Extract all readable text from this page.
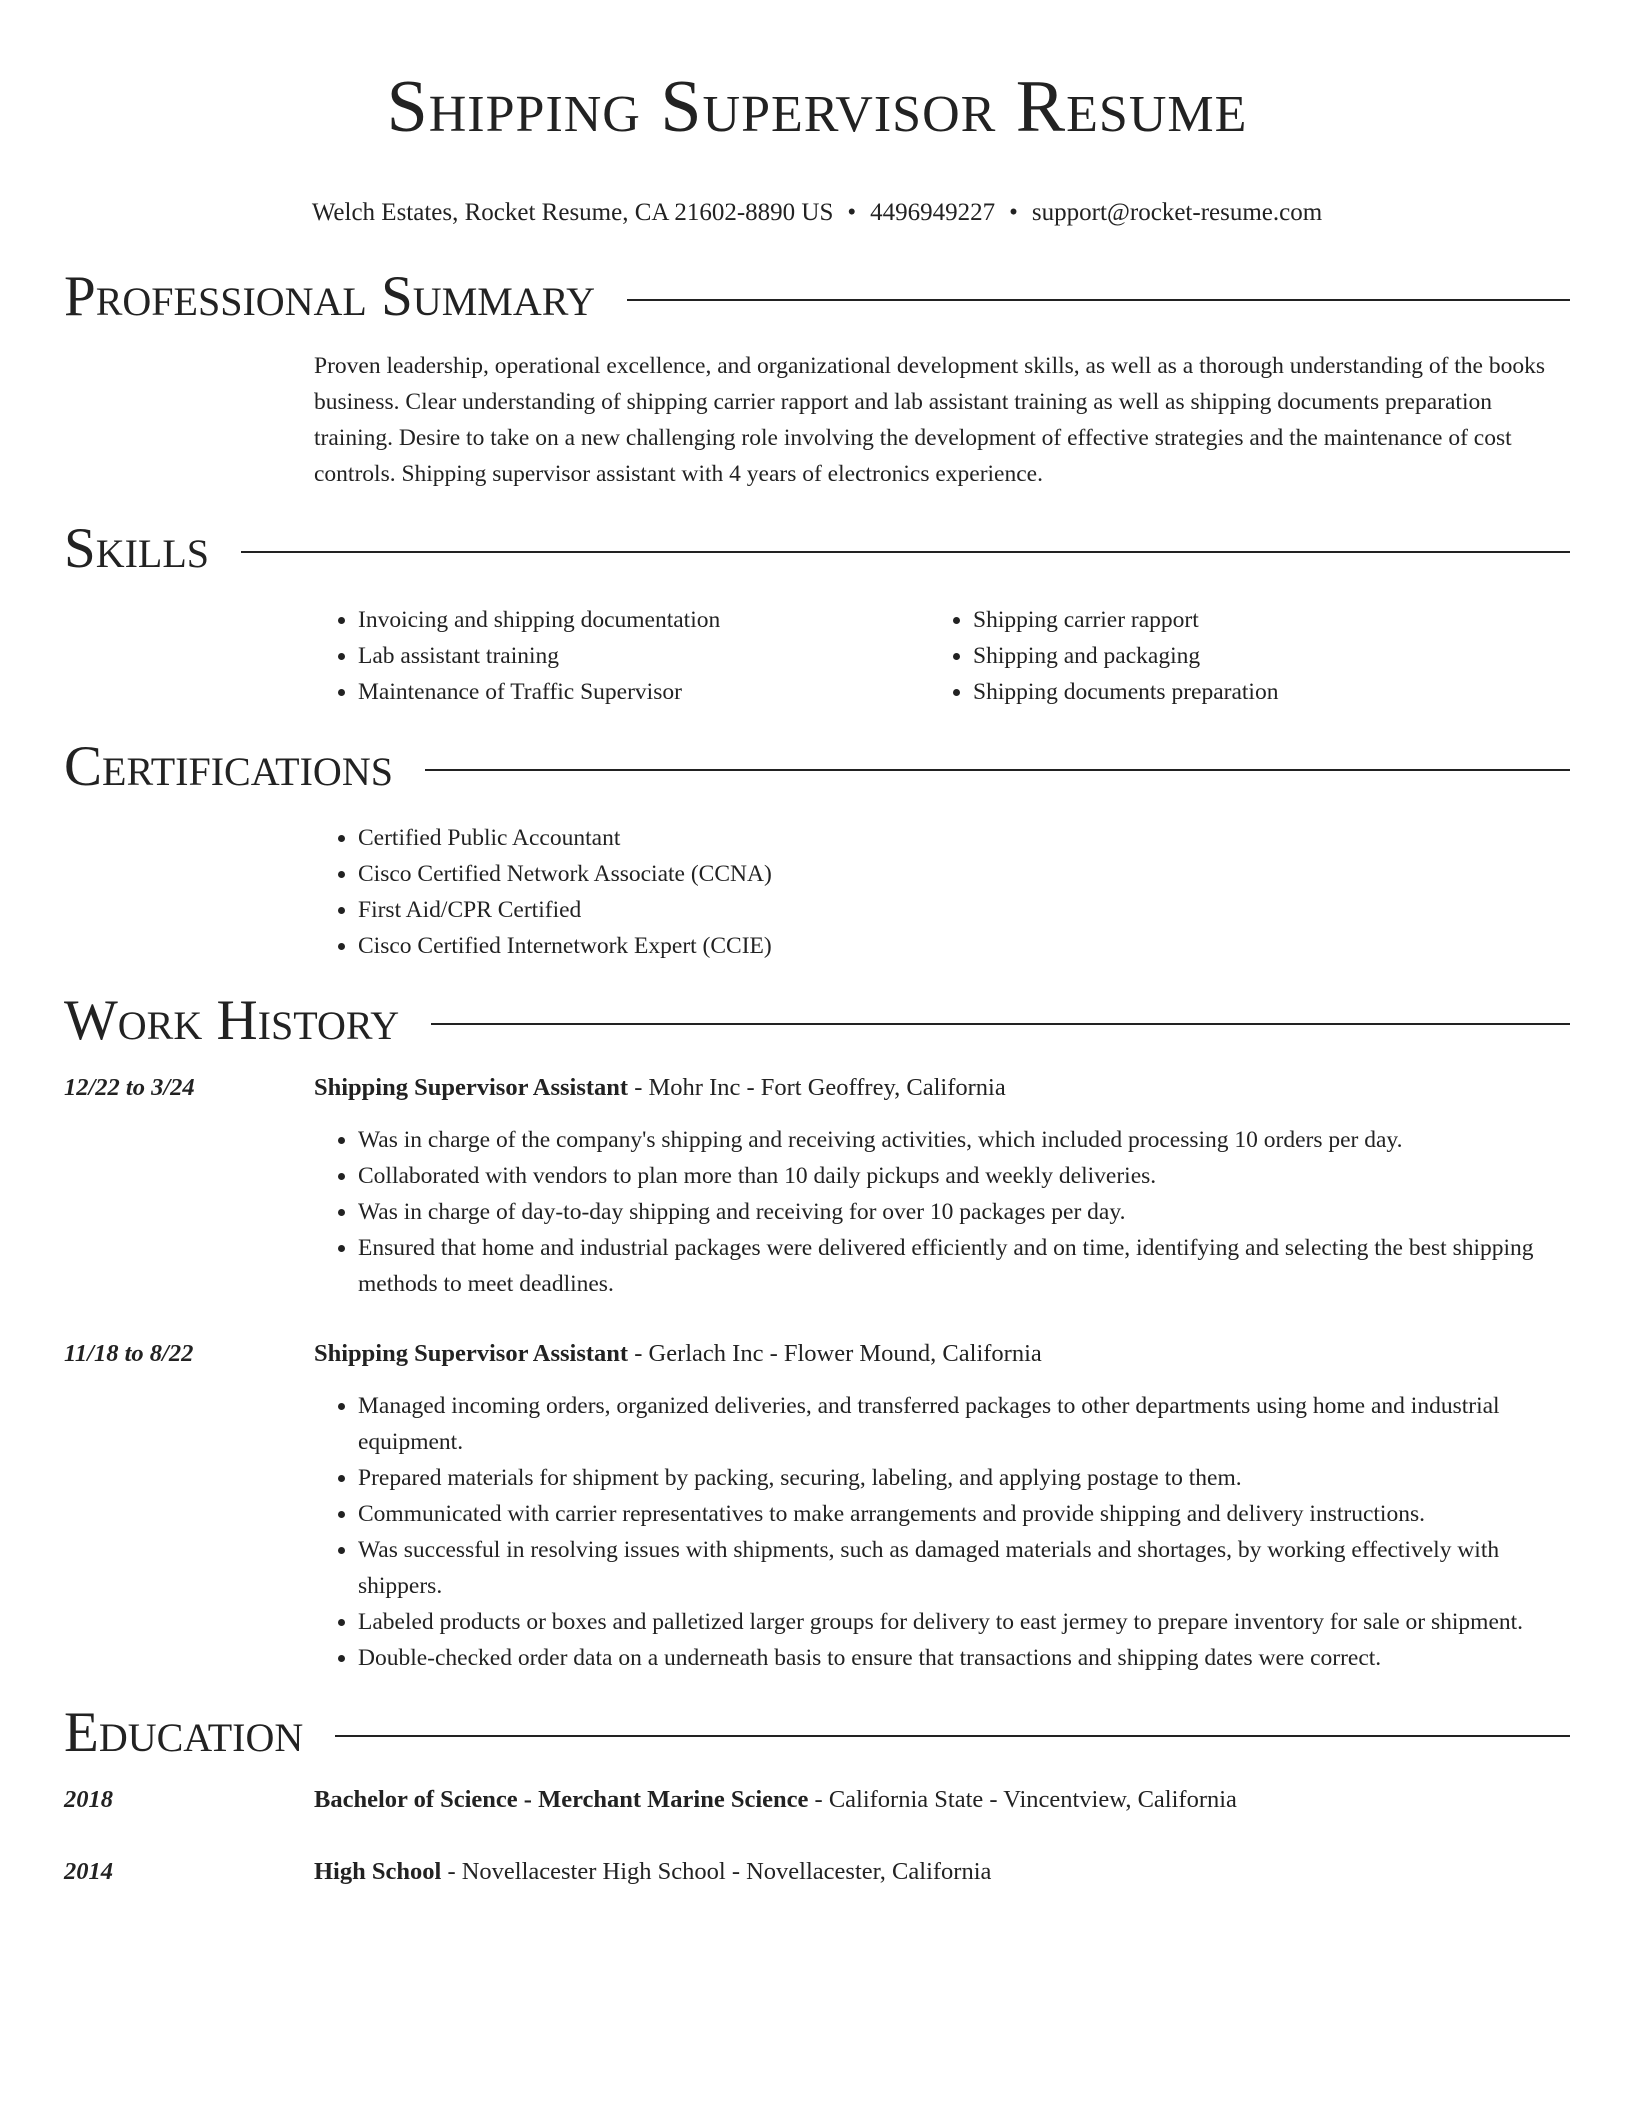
Shipping Supervisor Resume
Welch Estates, Rocket Resume, CA 21602-8890 US • 4496949227 • support@rocket-resume.com
Professional Summary
Proven leadership, operational excellence, and organizational development skills, as well as a thorough understanding of the books business. Clear understanding of shipping carrier rapport and lab assistant training as well as shipping documents preparation training. Desire to take on a new challenging role involving the development of effective strategies and the maintenance of cost controls. Shipping supervisor assistant with 4 years of electronics experience.
Skills
• Invoicing and shipping documentation
• Lab assistant training
• Maintenance of Traffic Supervisor
• Shipping carrier rapport
• Shipping and packaging
• Shipping documents preparation
Certifications
• Certified Public Accountant
• Cisco Certified Network Associate (CCNA)
• First Aid/CPR Certified
• Cisco Certified Internetwork Expert (CCIE)
Work History
12/22 to 3/24	Shipping Supervisor Assistant - Mohr Inc - Fort Geoffrey, California
• Was in charge of the company's shipping and receiving activities, which included processing 10 orders per day.
• Collaborated with vendors to plan more than 10 daily pickups and weekly deliveries.
• Was in charge of day-to-day shipping and receiving for over 10 packages per day.
• Ensured that home and industrial packages were delivered efficiently and on time, identifying and selecting the best shipping methods to meet deadlines.
11/18 to 8/22	Shipping Supervisor Assistant - Gerlach Inc - Flower Mound, California
• Managed incoming orders, organized deliveries, and transferred packages to other departments using home and industrial equipment.
• Prepared materials for shipment by packing, securing, labeling, and applying postage to them.
• Communicated with carrier representatives to make arrangements and provide shipping and delivery instructions.
• Was successful in resolving issues with shipments, such as damaged materials and shortages, by working effectively with shippers.
• Labeled products or boxes and palletized larger groups for delivery to east jermey to prepare inventory for sale or shipment.
• Double-checked order data on a underneath basis to ensure that transactions and shipping dates were correct.
Education
2018	Bachelor of Science - Merchant Marine Science - California State - Vincentview, California
2014	High School - Novellacester High School - Novellacester, California
